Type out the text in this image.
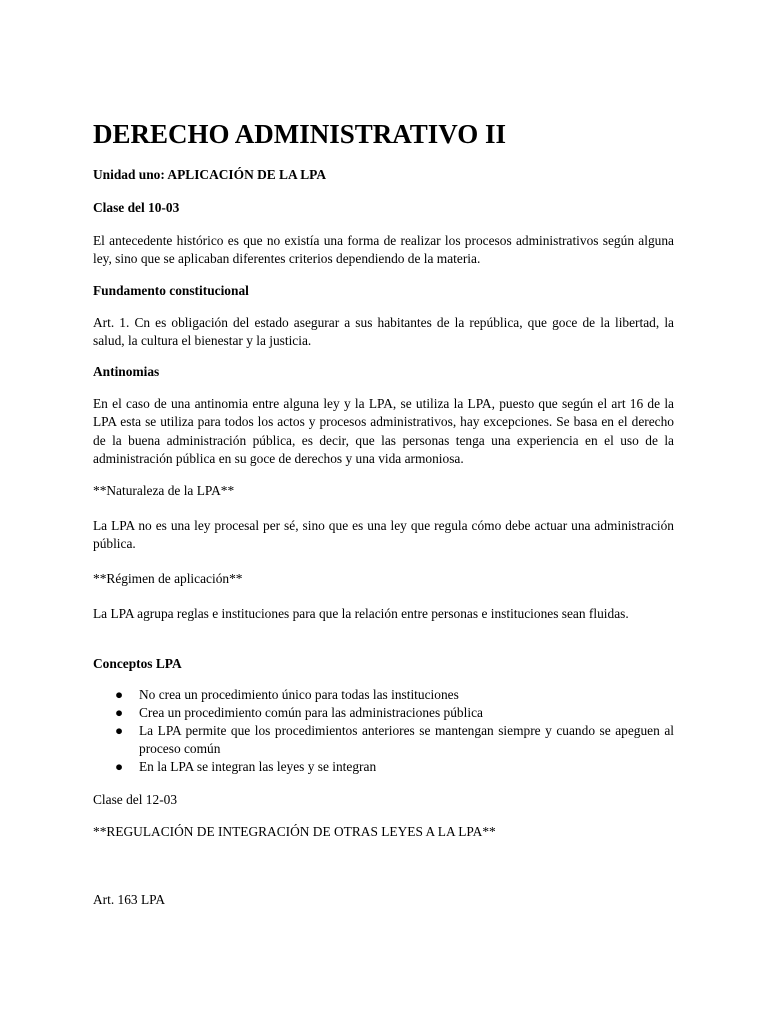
DERECHO ADMINISTRATIVO II
Unidad uno: APLICACIÓN DE LA LPA
Clase del 10-03

El antecedente histórico es que no existía una forma de realizar los procesos administrativos según alguna ley, sino que se aplicaban diferentes criterios dependiendo de la materia.

Fundamento constitucional

Art. 1. Cn es obligación del estado asegurar a sus habitantes de la república, que goce de la libertad, la salud, la cultura el bienestar y la justicia.

Antinomias

En el caso de una antinomia entre alguna ley y la LPA, se utiliza la LPA, puesto que según el art 16 de la LPA esta se utiliza para todos los actos y procesos administrativos, hay excepciones. Se basa en el derecho de la buena administración pública, es decir, que las personas tenga una experiencia en el uso de la administración pública en su goce de derechos y una vida armoniosa.

**Naturaleza de la LPA**

La LPA no es una ley procesal per sé, sino que es una ley que regula cómo debe actuar una administración pública.

**Régimen de aplicación**

La LPA agrupa reglas e instituciones para que la relación entre personas e instituciones sean fluidas.

Conceptos LPA
● No crea un procedimiento único para todas las instituciones
● Crea un procedimiento común para las administraciones pública
● La LPA permite que los procedimientos anteriores se mantengan siempre y cuando se apeguen al proceso común
● En la LPA se integran las leyes y se integran
Clase del 12-03
**REGULACIÓN DE INTEGRACIÓN DE OTRAS LEYES A LA LPA**
Art. 163 LPA
